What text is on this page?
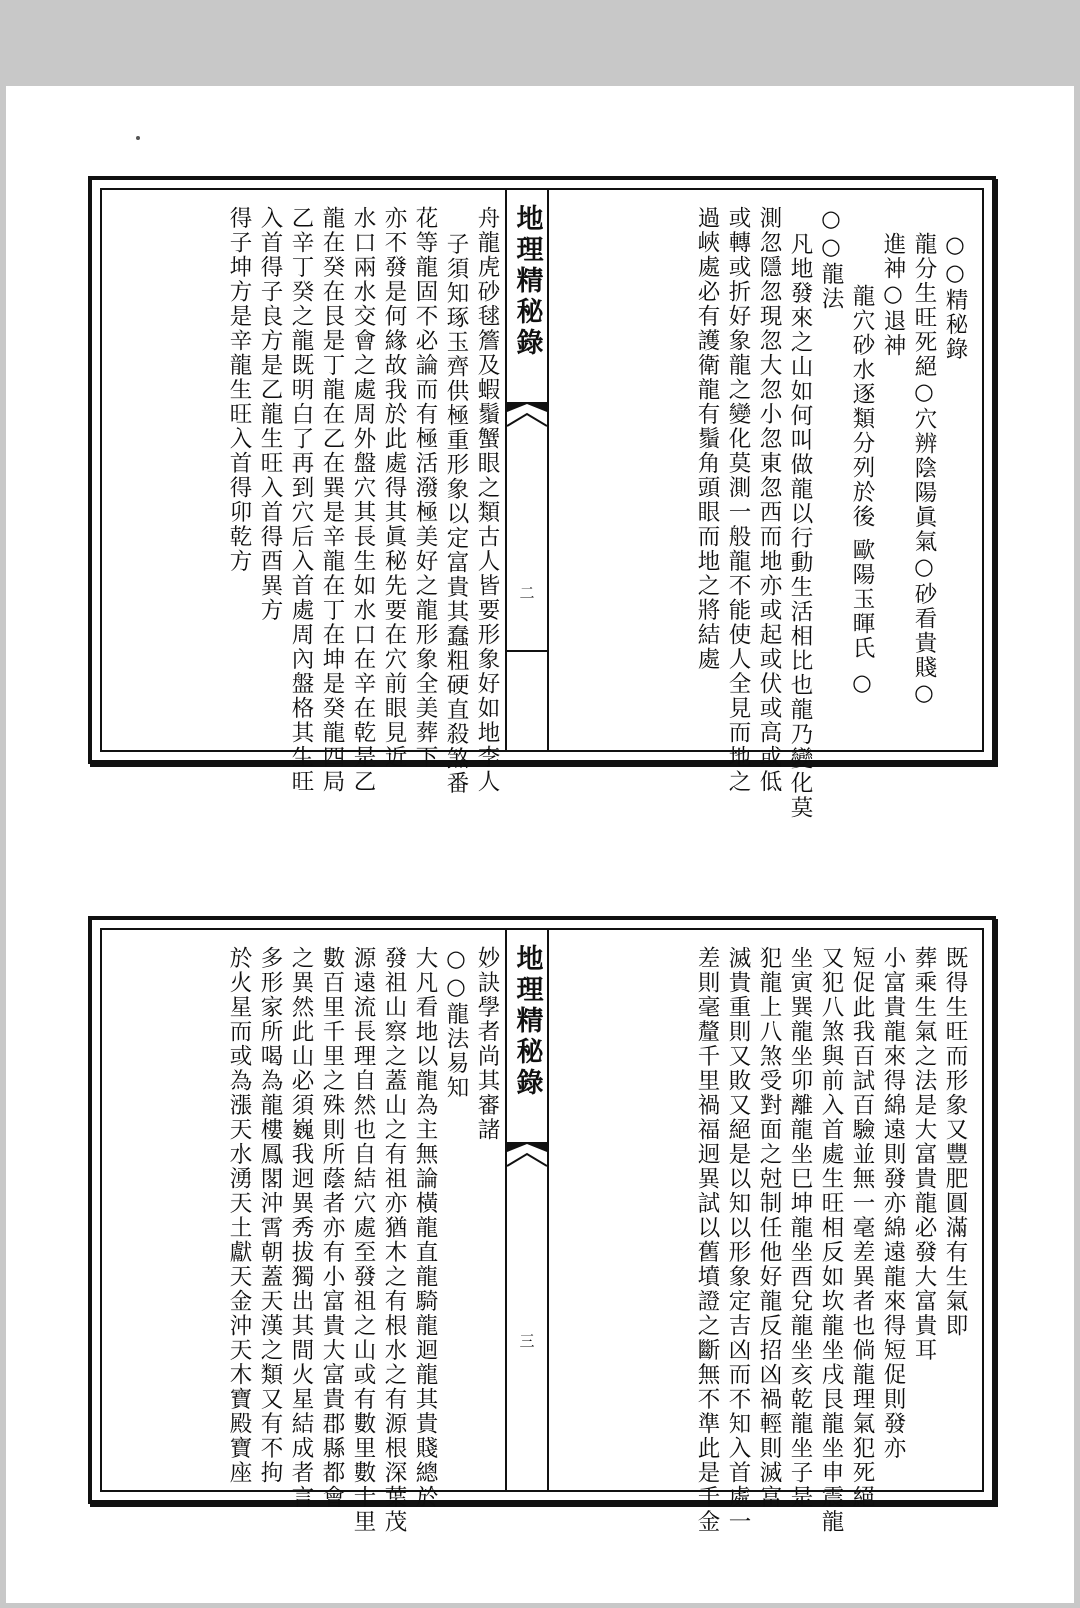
○○精秘錄
龍分生旺死絕○穴辨陰陽眞氣○砂看貴賤○
進神○退神
龍穴砂水逐類分列於後 歐陽玉暉氏 ○
○○龍法
凡地發來之山如何叫做龍以行動生活相比也龍乃變化莫
測忽隱忽現忽大忽小忽東忽西而地亦或起或伏或高或低
或轉或折好象龍之變化莫測一般龍不能使人全見而地之
過峽處必有護衛龍有鬚角頭眼而地之將結處
地理精秘錄
二
舟龍虎砂毬簷及蝦鬚蟹眼之類古人皆要形象好如地李人
子須知琢玉齊供極重形象以定富貴其蠢粗硬直殺煞番
花等龍固不必論而有極活潑極美好之龍形象全美葬下
亦不發是何緣故我於此處得其眞秘先要在穴前眼見近
水口兩水交會之處周外盤穴其長生如水口在辛在乾是乙
龍在癸在艮是丁龍在乙在巽是辛龍在丁在坤是癸龍四局
乙辛丁癸之龍既明白了再到穴后入首處周內盤格其生旺
入首得子良方是乙龍生旺入首得酉異方
得子坤方是辛龍生旺入首得卯乾方
既得生旺而形象又豐肥圓滿有生氣即
葬乘生氣之法是大富貴龍必發大富貴耳
小富貴龍來得綿遠則發亦綿遠龍來得短促則發亦
短促此我百試百驗並無一毫差異者也倘龍理氣犯死絕
又犯八煞與前入首處生旺相反如坎龍坐戌艮龍坐申震龍
坐寅巽龍坐卯離龍坐巳坤龍坐酉兌龍坐亥乾龍坐子是
犯龍上八煞受對面之尅制任他好龍反招凶禍輕則滅富
滅貴重則又敗又絕是以知以形象定吉凶而不知入首處一
差則毫釐千里禍福迥異試以舊墳證之斷無不準此是千金
地理精秘錄
三
妙訣學者尚其審諸
○○龍法易知
大凡看地以龍為主無論橫龍直龍騎龍迴龍其貴賤總於
發祖山察之蓋山之有祖亦猶木之有根水之有源根深葉茂
源遠流長理自然也自結穴處至發祖之山或有數里數十里
數百里千里之殊則所蔭者亦有小富貴大富貴郡縣都會
之異然此山必須巍我迥異秀拔獨出其間火星結成者言
多形家所喝為龍樓鳳閣沖霄朝蓋天漢之類又有不拘
於火星而或為漲天水湧天土獻天金沖天木寶殿寶座
